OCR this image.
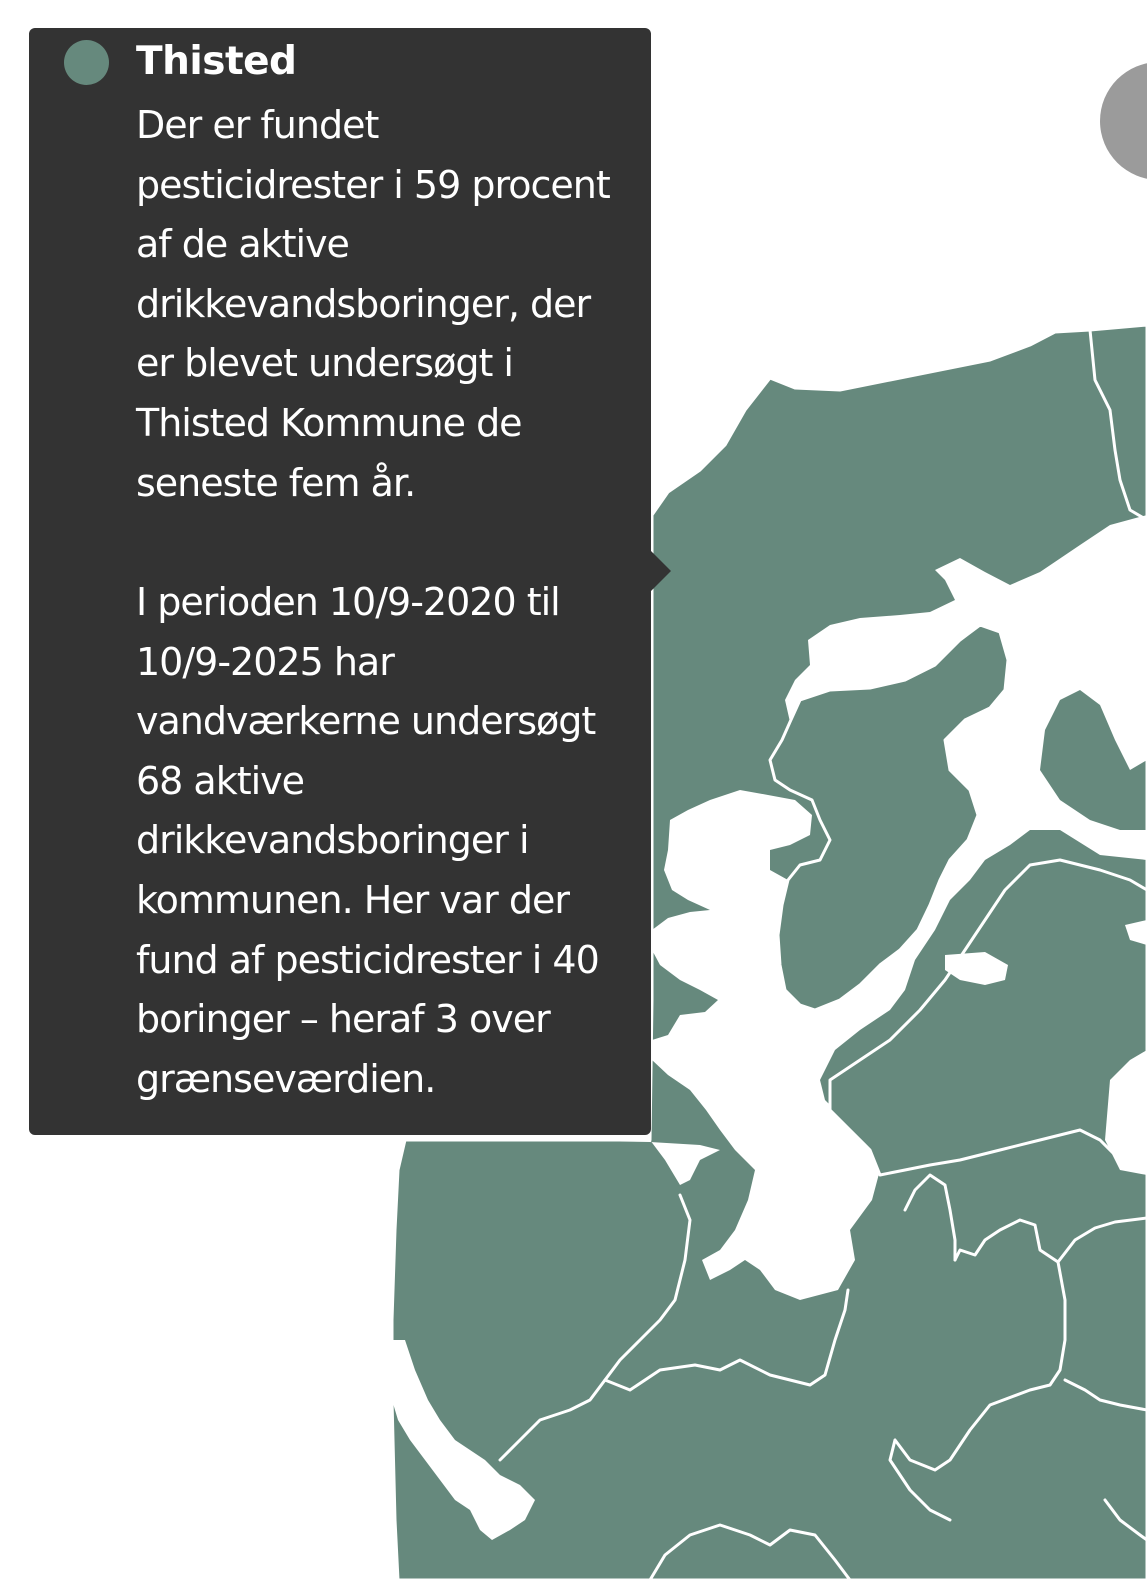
Thisted

Der er fundet pesticidrester i 59 procent af de aktive drikkevandsboringer, der er blevet undersøgt i Thisted Kommune de seneste fem år.

I perioden 10/9-2020 til 10/9-2025 har vandværkerne undersøgt 68 aktive drikkevandsboringer i kommunen. Her var der fund af pesticidrester i 40 boringer – heraf 3 over grænseværdien.
